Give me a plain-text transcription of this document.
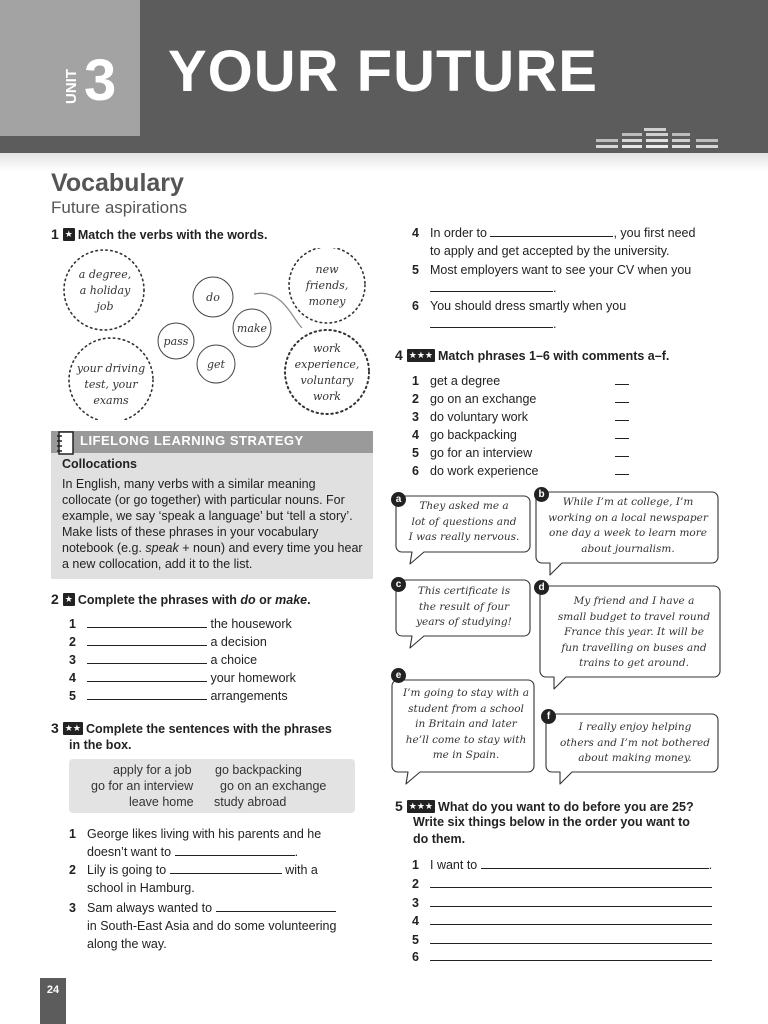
UNIT 3 YOUR FUTURE
Vocabulary
Future aspirations
1 ★ Match the verbs with the words.
do
make
pass
get
a degree,
a holiday
job
new
friends,
money
your driving
test, your
exams
work
experience,
voluntary
work
LIFELONG LEARNING STRATEGY
Collocations
In English, many verbs with a similar meaning collocate (or go together) with particular nouns. For example, we say ‘speak a language’ but ‘tell a story’. Make lists of these phrases in your vocabulary notebook (e.g. speak + noun) and every time you hear a new collocation, add it to the list.
2 ★ Complete the phrases with do or make.
1	the housework
2	a decision
3	a choice
4	your homework
5	arrangements
3 ★★ Complete the sentences with the phrases
in the box.
apply for a job go backpacking
go for an interview go on an exchange
leave home study abroad
1 George likes living with his parents and he
doesn’t want to	.
2 Lily is going to	with a
school in Hamburg.
3 Sam always wanted to
in South-East Asia and do some volunteering
along the way.
4 In order to	, you first need
to apply and get accepted by the university.
5 Most employers want to see your CV when you
.
6 You should dress smartly when you
.
4 ★★★ Match phrases 1–6 with comments a–f.
1 get a degree
2 go on an exchange
3 do voluntary work
4 go backpacking
5 go for an interview
6 do work experience
a	b
c	d
e
f
They asked me a
lot of questions and
I was really nervous.
While I’m at college, I’m
working on a local newspaper
one day a week to learn more
about journalism.
This certificate is
the result of four
years of studying!
My friend and I have a
small budget to travel round
France this year. It will be
fun travelling on buses and
trains to get around.
I’m going to stay with a
student from a school
in Britain and later
he’ll come to stay with
me in Spain.
I really enjoy helping
others and I’m not bothered
about making money.
5 ★★★ What do you want to do before you are 25?
Write six things below in the order you want to
do them.
1 I want to	.
2
3
4
5
6
24
